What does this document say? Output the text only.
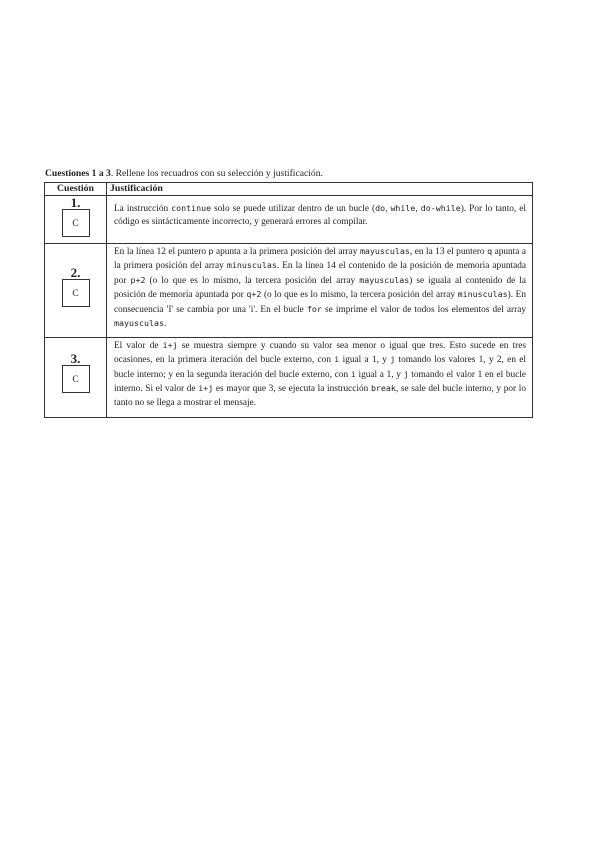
Cuestiones 1 a 3. Rellene los recuadros con su selección y justificación.
Cuestión	Justificación

1.
C	La instrucción continue solo se puede utilizar dentro de un bucle (do, while, do-while). Por lo tanto, el código es sintácticamente incorrecto, y generará errores al compilar.

2.
C	En la línea 12 el puntero p apunta a la primera posición del array mayusculas, en la 13 el puntero q apunta a la primera posición del array minusculas. En la línea 14 el contenido de la posición de memoria apuntada por p+2 (o lo que es lo mismo, la tercera posición del array mayusculas) se iguala al contenido de la posición de memoria apuntada por q+2 (o lo que es lo mismo, la tercera posición del array minusculas). En consecuencia 'I' se cambia por una 'i'. En el bucle for se imprime el valor de todos los elementos del array mayusculas.

3.
C	El valor de i+j se muestra siempre y cuando su valor sea menor o igual que tres. Esto sucede en tres ocasiones, en la primera iteración del bucle externo, con i igual a 1, y j tomando los valores 1, y 2, en el bucle interno; y en la segunda iteración del bucle externo, con i igual a 1, y j tomando el valor 1 en el bucle interno. Si el valor de i+j es mayor que 3, se ejecuta la instrucción break, se sale del bucle interno, y por lo tanto no se llega a mostrar el mensaje.
